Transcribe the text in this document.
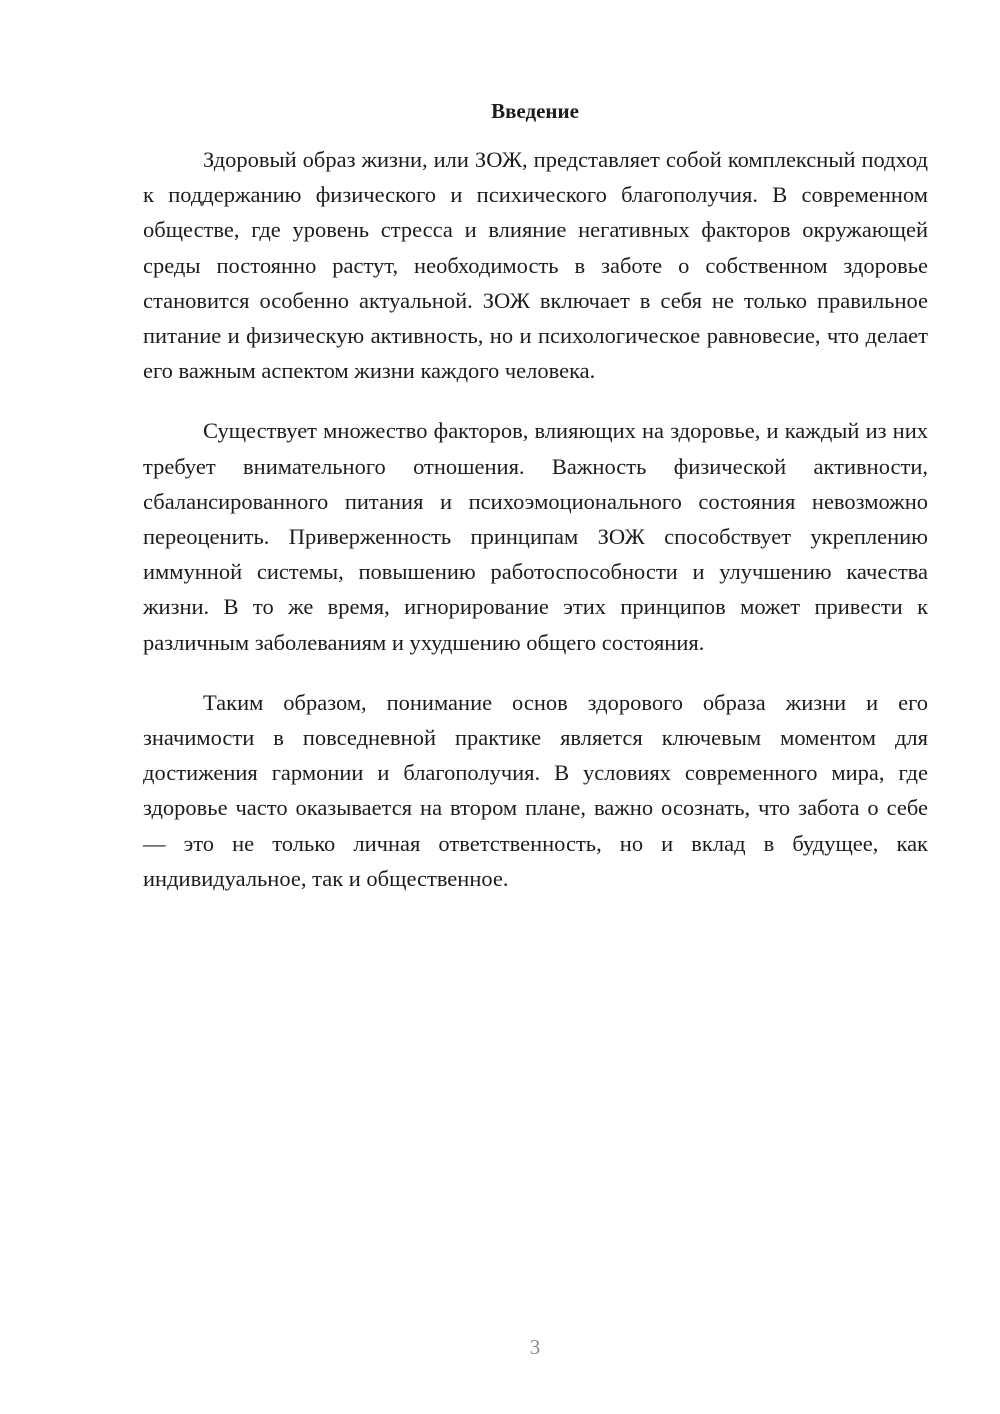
Введение

Здоровый образ жизни, или ЗОЖ, представляет собой комплексный подход к поддержанию физического и психического благополучия. В современном обществе, где уровень стресса и влияние негативных факторов окружающей среды постоянно растут, необходимость в заботе о собственном здоровье становится особенно актуальной. ЗОЖ включает в себя не только правильное питание и физическую активность, но и психологическое равновесие, что делает его важным аспектом жизни каждого человека.

Существует множество факторов, влияющих на здоровье, и каждый из них требует внимательного отношения. Важность физической активности, сбалансированного питания и психоэмоционального состояния невозможно переоценить. Приверженность принципам ЗОЖ способствует укреплению иммунной системы, повышению работоспособности и улучшению качества жизни. В то же время, игнорирование этих принципов может привести к различным заболеваниям и ухудшению общего состояния.

Таким образом, понимание основ здорового образа жизни и его значимости в повседневной практике является ключевым моментом для достижения гармонии и благополучия. В условиях современного мира, где здоровье часто оказывается на втором плане, важно осознать, что забота о себе — это не только личная ответственность, но и вклад в будущее, как индивидуальное, так и общественное.

3
